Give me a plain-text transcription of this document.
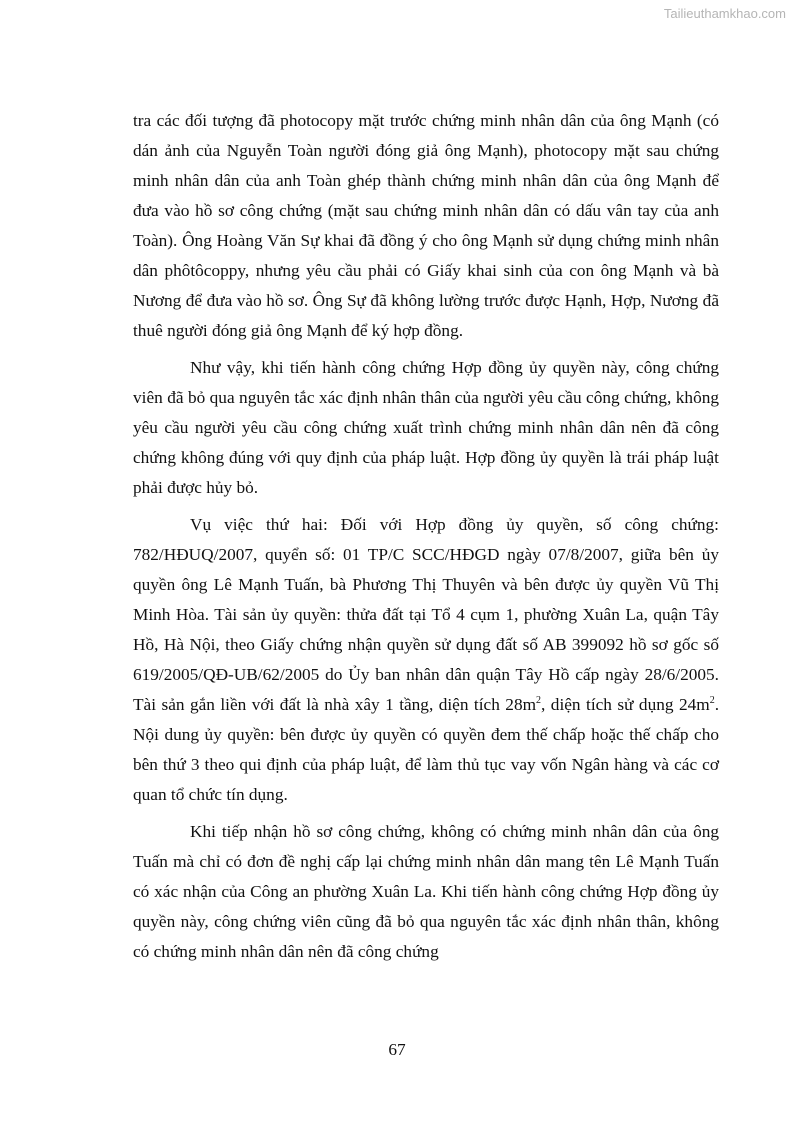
Tailieuthamkhao.com

tra các đối tượng đã photocopy mặt trước chứng minh nhân dân của ông Mạnh (có dán ảnh của Nguyễn Toàn người đóng giả ông Mạnh), photocopy mặt sau chứng minh nhân dân của anh Toàn ghép thành chứng minh nhân dân của ông Mạnh để đưa vào hồ sơ công chứng (mặt sau chứng minh nhân dân có dấu vân tay của anh Toàn). Ông Hoàng Văn Sự khai đã đồng ý cho ông Mạnh sử dụng chứng minh nhân dân phôtôcoppy, nhưng yêu cầu phải có Giấy khai sinh của con ông Mạnh và bà Nương để đưa vào hồ sơ. Ông Sự đã không lường trước được Hạnh, Hợp, Nương đã thuê người đóng giả ông Mạnh để ký hợp đồng.

Như vậy, khi tiến hành công chứng Hợp đồng ủy quyền này, công chứng viên đã bỏ qua nguyên tắc xác định nhân thân của người yêu cầu công chứng, không yêu cầu người yêu cầu công chứng xuất trình chứng minh nhân dân nên đã công chứng không đúng với quy định của pháp luật. Hợp đồng ủy quyền là trái pháp luật phải được hủy bỏ.

Vụ việc thứ hai: Đối với Hợp đồng ủy quyền, số công chứng: 782/HĐUQ/2007, quyển số: 01 TP/C SCC/HĐGD ngày 07/8/2007, giữa bên ủy quyền ông Lê Mạnh Tuấn, bà Phương Thị Thuyên và bên được ủy quyền Vũ Thị Minh Hòa. Tài sản ủy quyền: thửa đất tại Tổ 4 cụm 1, phường Xuân La, quận Tây Hồ, Hà Nội, theo Giấy chứng nhận quyền sử dụng đất số AB 399092 hồ sơ gốc số 619/2005/QĐ-UB/62/2005 do Ủy ban nhân dân quận Tây Hồ cấp ngày 28/6/2005. Tài sản gắn liền với đất là nhà xây 1 tầng, diện tích $28m^2$, diện tích sử dụng $24m^2$. Nội dung ủy quyền: bên được ủy quyền có quyền đem thế chấp hoặc thế chấp cho bên thứ 3 theo qui định của pháp luật, để làm thủ tục vay vốn Ngân hàng và các cơ quan tổ chức tín dụng.

Khi tiếp nhận hồ sơ công chứng, không có chứng minh nhân dân của ông Tuấn mà chỉ có đơn đề nghị cấp lại chứng minh nhân dân mang tên Lê Mạnh Tuấn có xác nhận của Công an phường Xuân La. Khi tiến hành công chứng Hợp đồng ủy quyền này, công chứng viên cũng đã bỏ qua nguyên tắc xác định nhân thân, không có chứng minh nhân dân nên đã công chứng

67
